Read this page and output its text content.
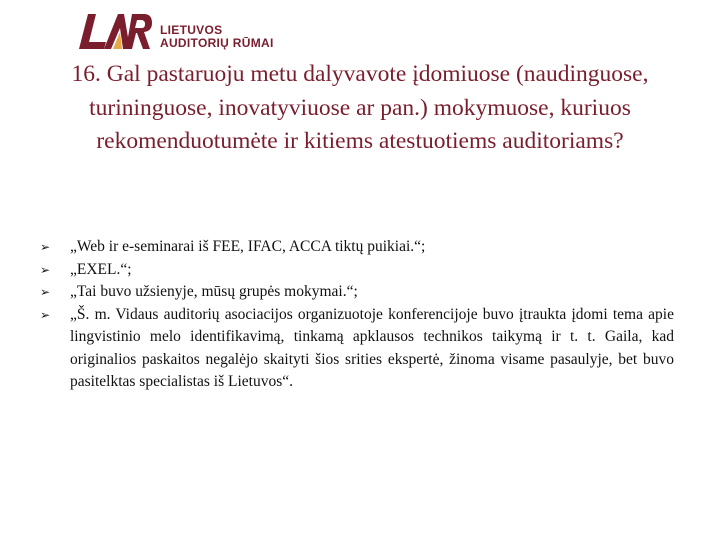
LIETUVOS
AUDITORIŲ RŪMAI
16. Gal pastaruoju metu dalyvavote įdomiuose (naudinguose, turininguose, inovatyviuose ar pan.) mokymuose, kuriuos rekomenduotumėte ir kitiems atestuotiems auditoriams?
➢ „Web ir e-seminarai iš FEE, IFAC, ACCA tiktų puikiai.“;
➢ „EXEL.“;
➢ „Tai buvo užsienyje, mūsų grupės mokymai.“;
➢ „Š. m. Vidaus auditorių asociacijos organizuotoje konferencijoje buvo įtraukta įdomi tema apie lingvistinio melo identifikavimą, tinkamą apklausos technikos taikymą ir t. t. Gaila, kad originalios paskaitos negalėjo skaityti šios srities ekspertė, žinoma visame pasaulyje, bet buvo pasitelktas specialistas iš Lietuvos“.
